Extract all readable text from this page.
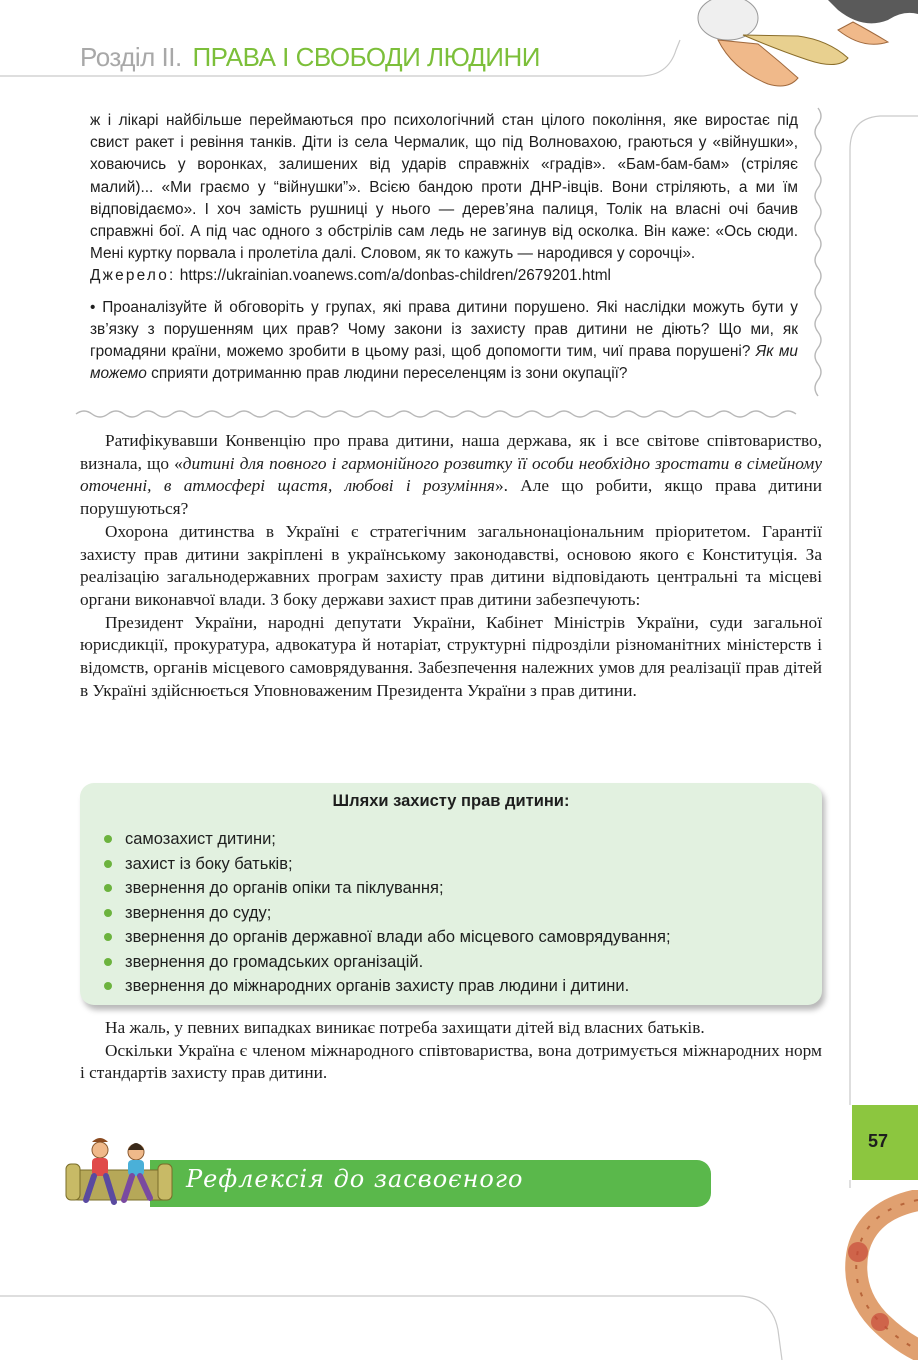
Розділ ІІ. ПРАВА І СВОБОДИ ЛЮДИНИ

ж і лікарі найбільше переймаються про психологічний стан цілого покоління, яке виростає під свист ракет і ревіння танків. Діти із села Чермалик, що під Волновахою, граються у «війнушки», ховаючись у воронках, залишених від ударів справжніх «градів». «Бам-бам-бам» (стріляє малий)... «Ми граємо у “війнушки”». Всією бандою проти ДНР-івців. Вони стріляють, а ми їм відповідаємо». І хоч замість рушниці у нього — дерев’яна палиця, Толік на власні очі бачив справжні бої. А під час одного з обстрілів сам ледь не загинув від осколка. Він каже: «Ось сюди. Мені куртку порвала і пролетіла далі. Словом, як то кажуть — народився у сорочці».

Джерело: https://ukrainian.voanews.com/a/donbas-children/2679201.html

• Проаналізуйте й обговоріть у групах, які права дитини порушено. Які наслідки можуть бути у зв’язку з порушенням цих прав? Чому закони із захисту прав дитини не діють? Що ми, як громадяни країни, можемо зробити в цьому разі, щоб допомогти тим, чиї права порушені? Як ми можемо сприяти дотриманню прав людини переселенцям із зони окупації?

Ратифікувавши Конвенцію про права дитини, наша держава, як і все світове співтовариство, визнала, що «дитині для повного і гармонійного розвитку її особи необхідно зростати в сімейному оточенні, в атмосфері щастя, любові і розуміння». Але що робити, якщо права дитини порушуються?

Охорона дитинства в Україні є стратегічним загальнонаціональним пріоритетом. Гарантії захисту прав дитини закріплені в українському законодавстві, основою якого є Конституція. За реалізацію загальнодержавних програм захисту прав дитини відповідають центральні та місцеві органи виконавчої влади. З боку держави захист прав дитини забезпечують:

Президент України, народні депутати України, Кабінет Міністрів України, суди загальної юрисдикції, прокуратура, адвокатура й нотаріат, структурні підрозділи різноманітних міністерств і відомств, органів місцевого самоврядування. Забезпечення належних умов для реалізації прав дітей в Україні здійснюється Уповноваженим Президента України з прав дитини.

Шляхи захисту прав дитини:
самозахист дитини;
захист із боку батьків;
звернення до органів опіки та піклування;
звернення до суду;
звернення до органів державної влади або місцевого самоврядування;
звернення до громадських організацій.
звернення до міжнародних органів захисту прав людини і дитини.

На жаль, у певних випадках виникає потреба захищати дітей від власних батьків.

Оскільки Україна є членом міжнародного співтовариства, вона дотримується міжнародних норм і стандартів захисту прав дитини.

57
Рефлексія до засвоєного
